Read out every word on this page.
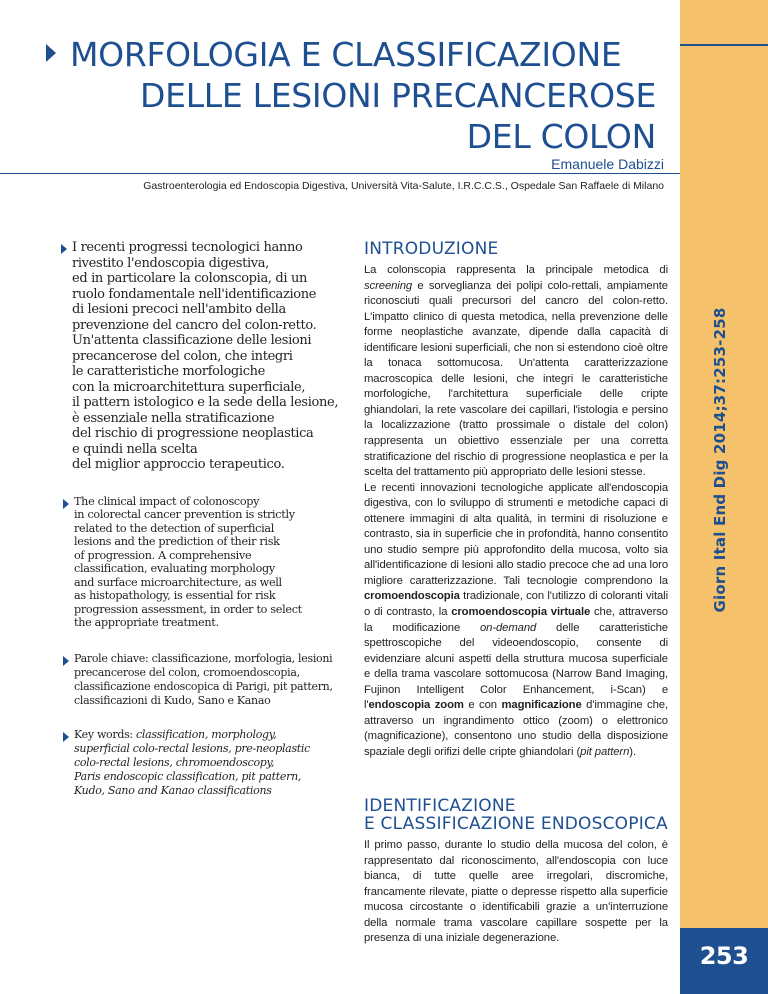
Giorn Ital End Dig 2014;37:253-258
253
MORFOLOGIA E CLASSIFICAZIONE
DELLE LESIONI PRECANCEROSE
DEL COLON
Emanuele Dabizzi
Gastroenterologia ed Endoscopia Digestiva, Università Vita-Salute, I.R.C.C.S., Ospedale San Raffaele di Milano

I recenti progressi tecnologici hanno

rivestito l'endoscopia digestiva,

ed in particolare la colonscopia, di un

ruolo fondamentale nell'identificazione

di lesioni precoci nell'ambito della

prevenzione del cancro del colon-retto.

Un'attenta classificazione delle lesioni

precancerose del colon, che integri

le caratteristiche morfologiche

con la microarchitettura superficiale,

il pattern istologico e la sede della lesione,

è essenziale nella stratificazione

del rischio di progressione neoplastica

e quindi nella scelta

del miglior approccio terapeutico.

The clinical impact of colonoscopy

in colorectal cancer prevention is strictly

related to the detection of superficial

lesions and the prediction of their risk

of progression. A comprehensive

classification, evaluating morphology

and surface microarchitecture, as well

as histopathology, is essential for risk

progression assessment, in order to select

the appropriate treatment.

Parole chiave: classificazione, morfologia, lesioni

precancerose del colon, cromoendoscopia,

classificazione endoscopica di Parigi, pit pattern,

classificazioni di Kudo, Sano e Kanao

Key words: classification, morphology,

superficial colo-rectal lesions, pre-neoplastic

colo-rectal lesions, chromoendoscopy,

Paris endoscopic classification, pit pattern,

Kudo, Sano and Kanao classifications

INTRODUZIONE

La colonscopia rappresenta la principale metodica di screening e sorveglianza dei polipi colo-rettali, ampiamente riconosciuti quali precursori del cancro del colon-retto. L'impatto clinico di questa metodica, nella prevenzione delle forme neoplastiche avanzate, dipende dalla capacità di identificare lesioni superficiali, che non si estendono cioè oltre la tonaca sottomucosa. Un'attenta caratterizzazione macroscopica delle lesioni, che integri le caratteristiche morfologiche, l'architettura superficiale delle cripte ghiandolari, la rete vascolare dei capillari, l'istologia e persino la localizzazione (tratto prossimale o distale del colon) rappresenta un obiettivo essenziale per una corretta stratificazione del rischio di progressione neoplastica e per la scelta del trattamento più appropriato delle lesioni stesse.

Le recenti innovazioni tecnologiche applicate all'endoscopia digestiva, con lo sviluppo di strumenti e metodiche capaci di ottenere immagini di alta qualità, in termini di risoluzione e contrasto, sia in superficie che in profondità, hanno consentito uno studio sempre più approfondito della mucosa, volto sia all'identificazione di lesioni allo stadio precoce che ad una loro migliore caratterizzazione. Tali tecnologie comprendono la cromoendoscopia tradizionale, con l'utilizzo di coloranti vitali o di contrasto, la cromoendoscopia virtuale che, attraverso la modificazione on-demand delle caratteristiche spettroscopiche del videoendoscopio, consente di evidenziare alcuni aspetti della struttura mucosa superficiale e della trama vascolare sottomucosa (Narrow Band Imaging, Fujinon Intelligent Color Enhancement, i-Scan) e l'endoscopia zoom e con magnificazione d'immagine che, attraverso un ingrandimento ottico (zoom) o elettronico (magnificazione), consentono uno studio della disposizione spaziale degli orifizi delle cripte ghiandolari (pit pattern).

IDENTIFICAZIONE
E CLASSIFICAZIONE ENDOSCOPICA

Il primo passo, durante lo studio della mucosa del colon, è rappresentato dal riconoscimento, all'endoscopia con luce bianca, di tutte quelle aree irregolari, discromiche, francamente rilevate, piatte o depresse rispetto alla superficie mucosa circostante o identificabili grazie a un'interruzione della normale trama vascolare capillare sospette per la presenza di una iniziale degenerazione.
